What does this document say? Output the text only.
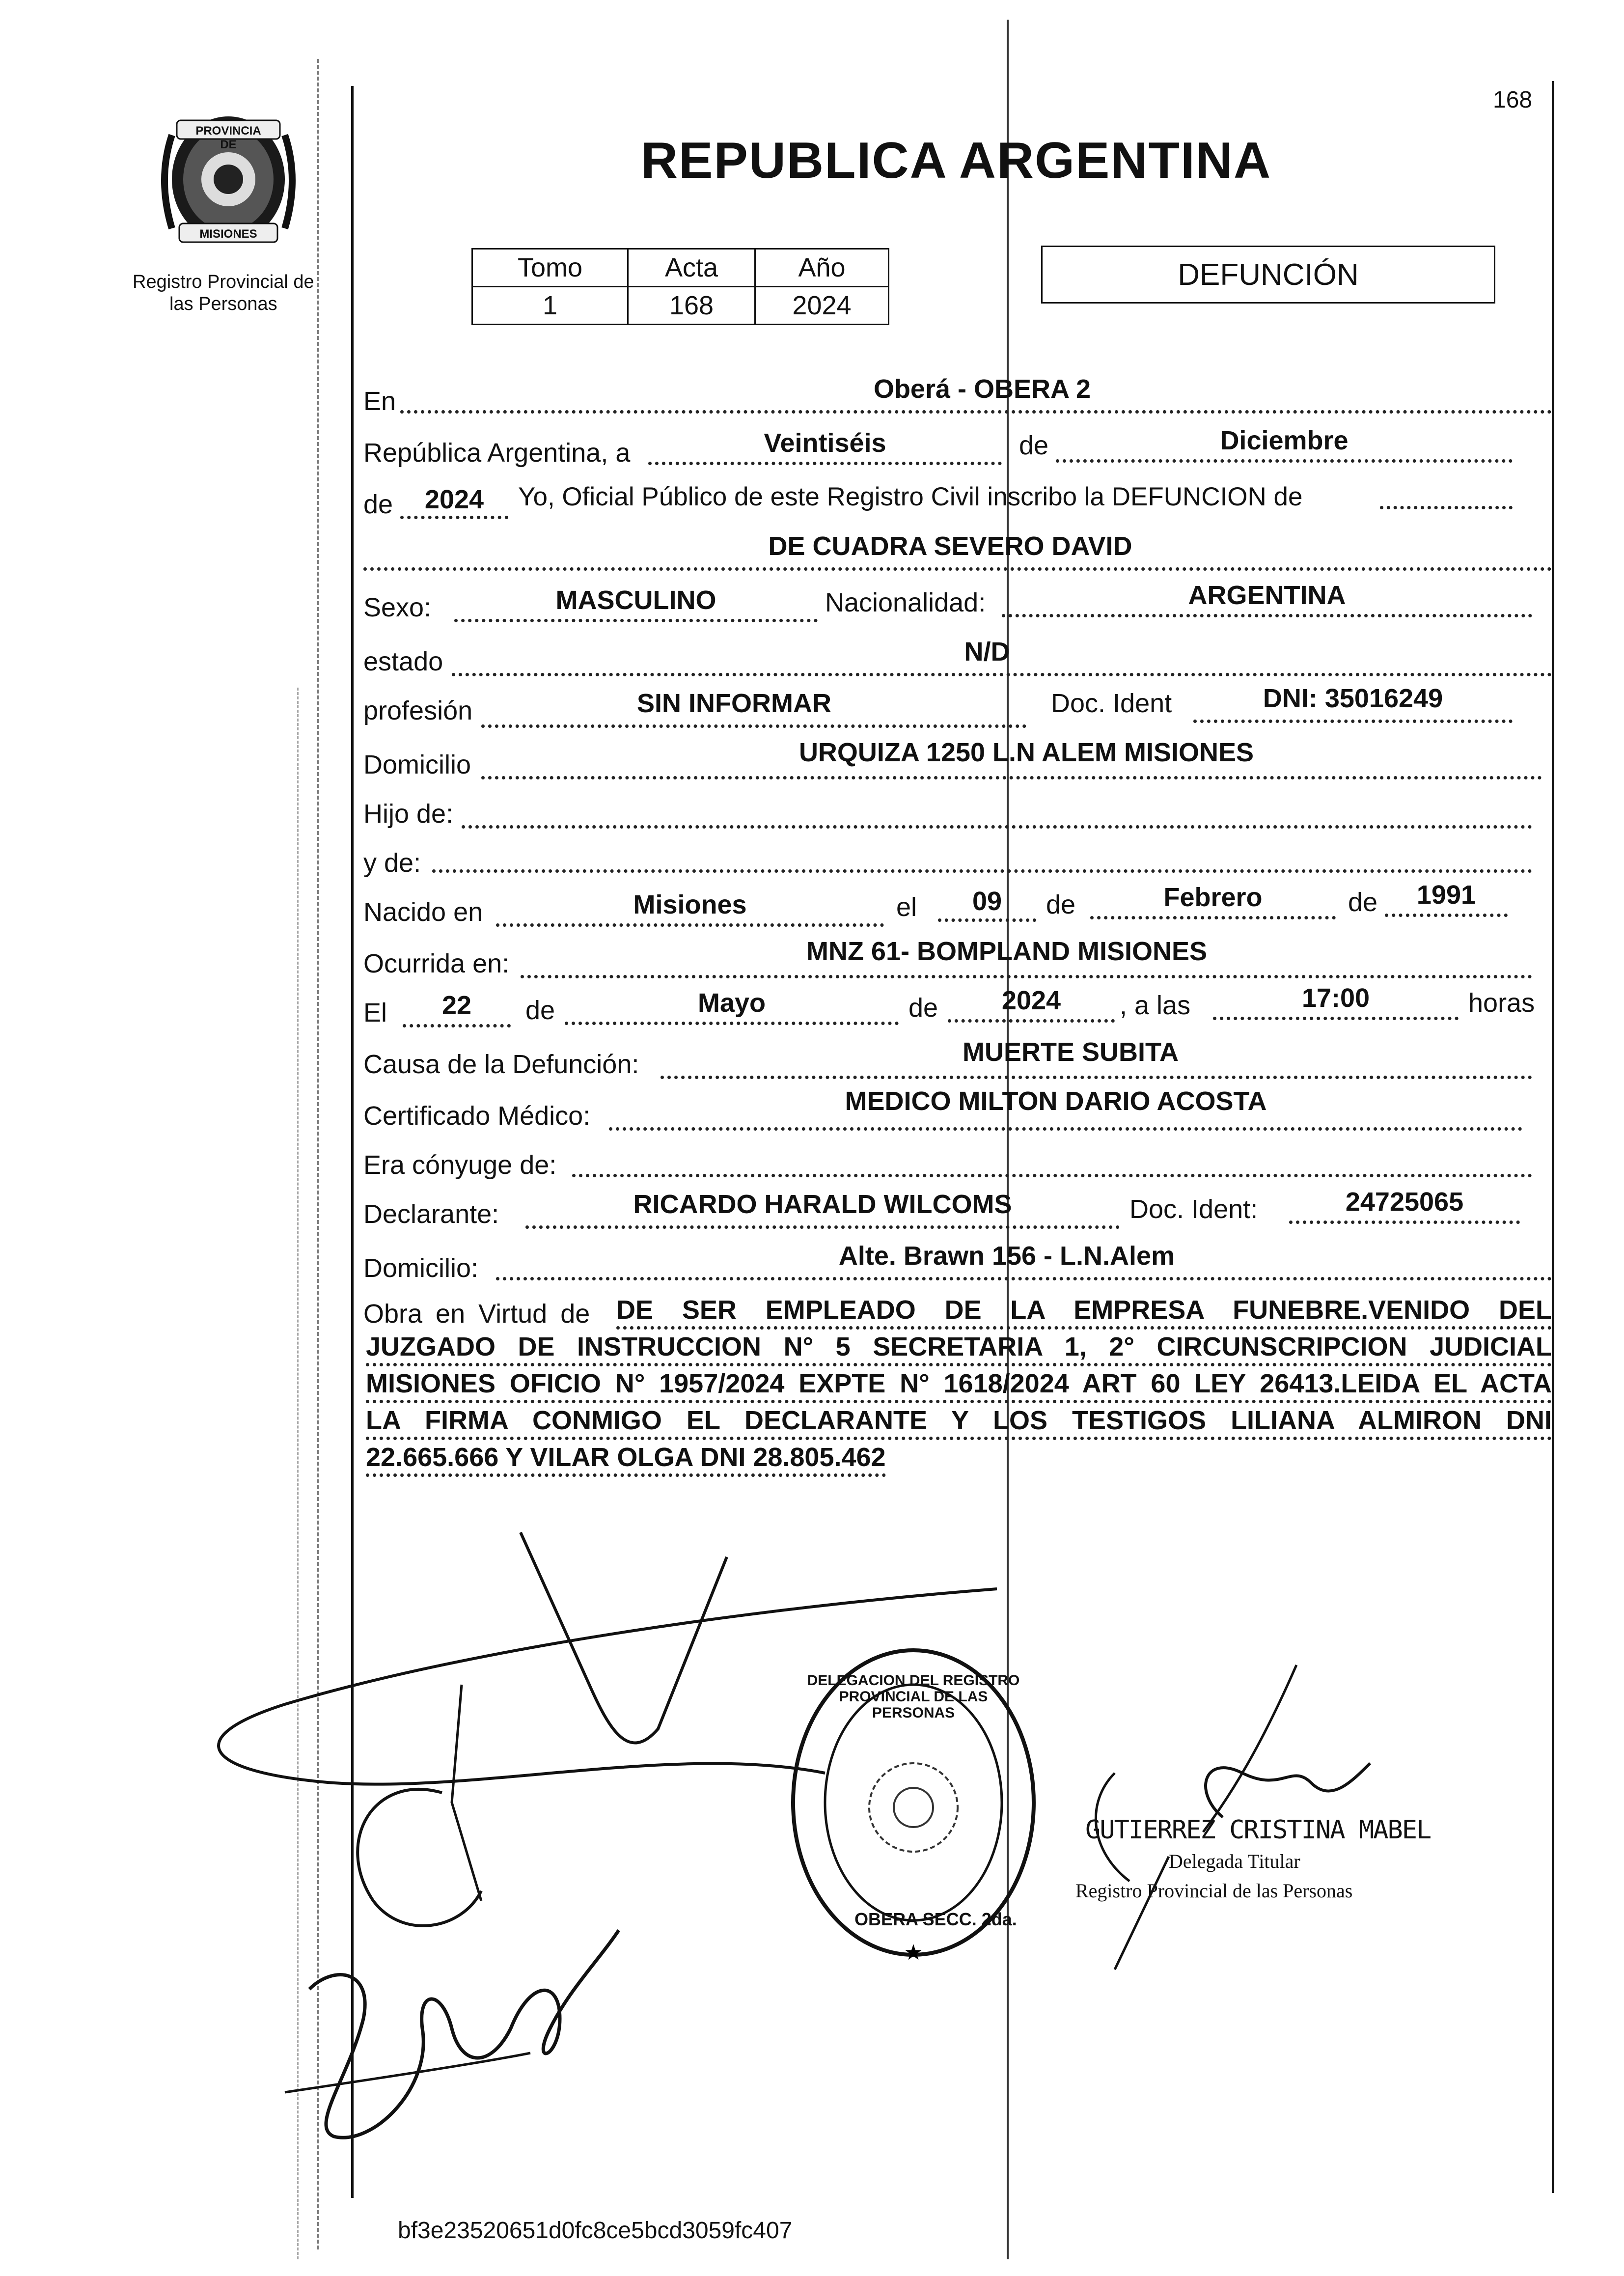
168
PROVINCIA DE
MISIONES
Registro Provincial de
las Personas
REPUBLICA ARGENTINA
Tomo	Acta	Año
1	168	2024
DEFUNCIÓN
En	Oberá - OBERA 2
República Argentina, a	Veintiséis	de	Diciembre
de	2024	Yo, Oficial Público de este Registro Civil inscribo la DEFUNCION de
DE CUADRA SEVERO DAVID
Sexo:	MASCULINO	Nacionalidad:	ARGENTINA
estado	N/D
profesión	SIN INFORMAR	Doc. Ident	DNI: 35016249
Domicilio	URQUIZA 1250 L.N ALEM MISIONES
Hijo de:
y de:
Nacido en	Misiones	el	09	de	Febrero	de	1991
Ocurrida en:	MNZ 61- BOMPLAND MISIONES
El	22	de	Mayo	de	2024	, a las	17:00	horas
Causa de la Defunción:	MUERTE SUBITA
Certificado Médico:	MEDICO MILTON DARIO ACOSTA
Era cónyuge de:
Declarante:	RICARDO HARALD WILCOMS	Doc. Ident:	24725065
Domicilio:	Alte. Brawn 156 - L.N.Alem
Obra en Virtud de DE SER EMPLEADO DE LA EMPRESA FUNEBRE.VENIDO DEL
JUZGADO DE INSTRUCCION N° 5 SECRETARIA 1, 2° CIRCUNSCRIPCION JUDICIAL
MISIONES OFICIO N° 1957/2024 EXPTE N° 1618/2024 ART 60 LEY 26413.LEIDA EL ACTA
LA FIRMA CONMIGO EL DECLARANTE Y LOS TESTIGOS LILIANA ALMIRON DNI
22.665.666 Y VILAR OLGA DNI 28.805.462
★
DELEGACION DEL REGISTRO PROVINCIAL DE LAS PERSONAS
OBERA SECC. 2da.
GUTIERREZ CRISTINA MABEL
Delegada Titular
Registro Provincial de las Personas
bf3e23520651d0fc8ce5bcd3059fc407
